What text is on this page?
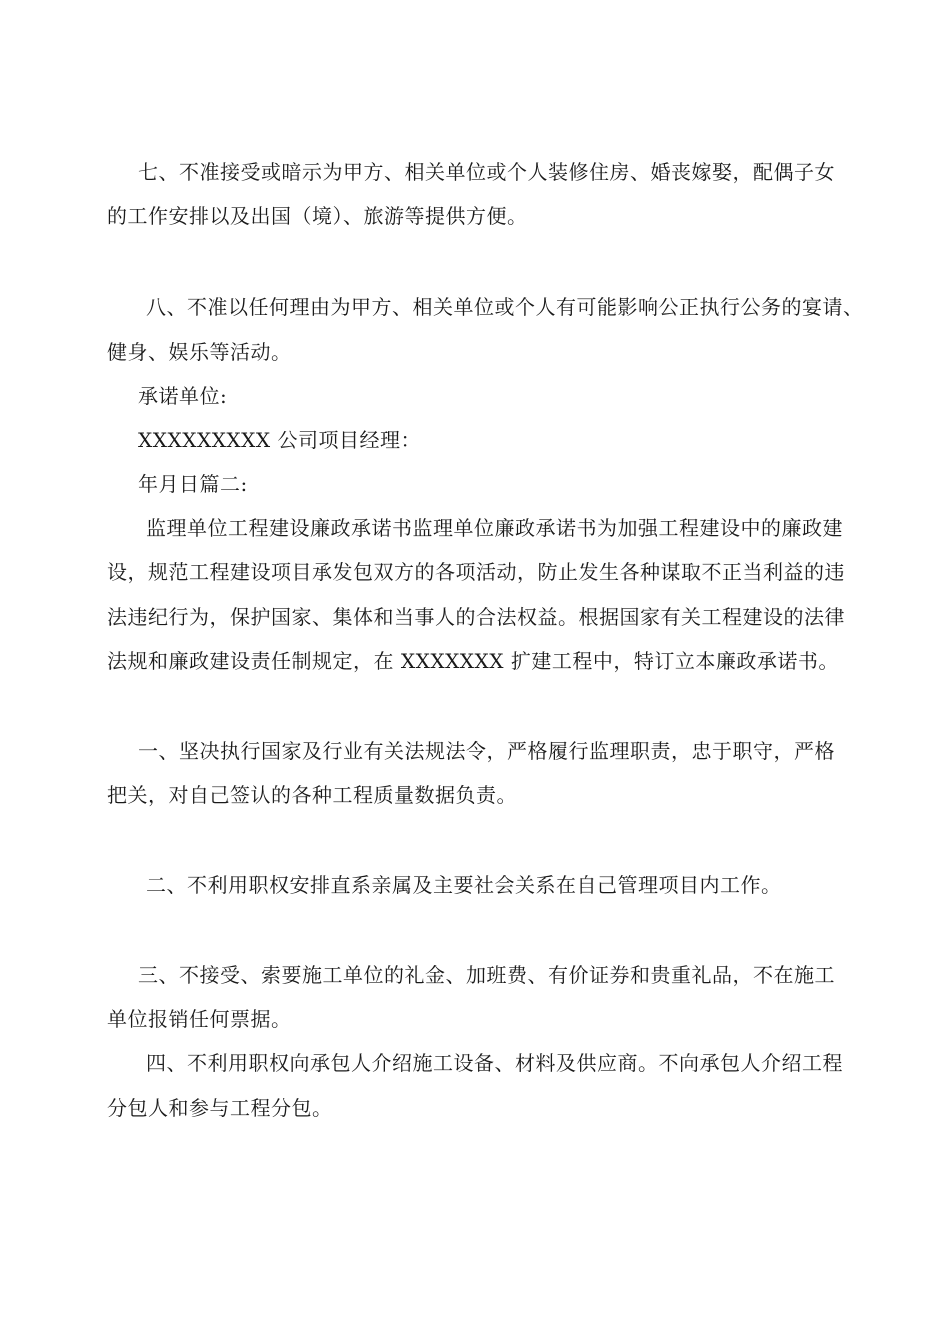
七、不准接受或暗示为甲方、相关单位或个人装修住房、婚丧嫁娶，配偶子女
的工作安排以及出国（境）、旅游等提供方便。
八、不准以任何理由为甲方、相关单位或个人有可能影响公正执行公务的宴请、
健身、娱乐等活动。
承诺单位:
XXXXXXXXX 公司项目经理：
年月日篇二:
监理单位工程建设廉政承诺书监理单位廉政承诺书为加强工程建设中的廉政建
设，规范工程建设项目承发包双方的各项活动，防止发生各种谋取不正当利益的违
法违纪行为，保护国家、集体和当事人的合法权益。根据国家有关工程建设的法律
法规和廉政建设责任制规定，在 XXXXXXX 扩建工程中，特订立本廉政承诺书。
一、坚决执行国家及行业有关法规法令，严格履行监理职责，忠于职守，严格
把关，对自己签认的各种工程质量数据负责。
二、不利用职权安排直系亲属及主要社会关系在自己管理项目内工作。
三、不接受、索要施工单位的礼金、加班费、有价证券和贵重礼品，不在施工
单位报销任何票据。
四、不利用职权向承包人介绍施工设备、材料及供应商。不向承包人介绍工程
分包人和参与工程分包。
